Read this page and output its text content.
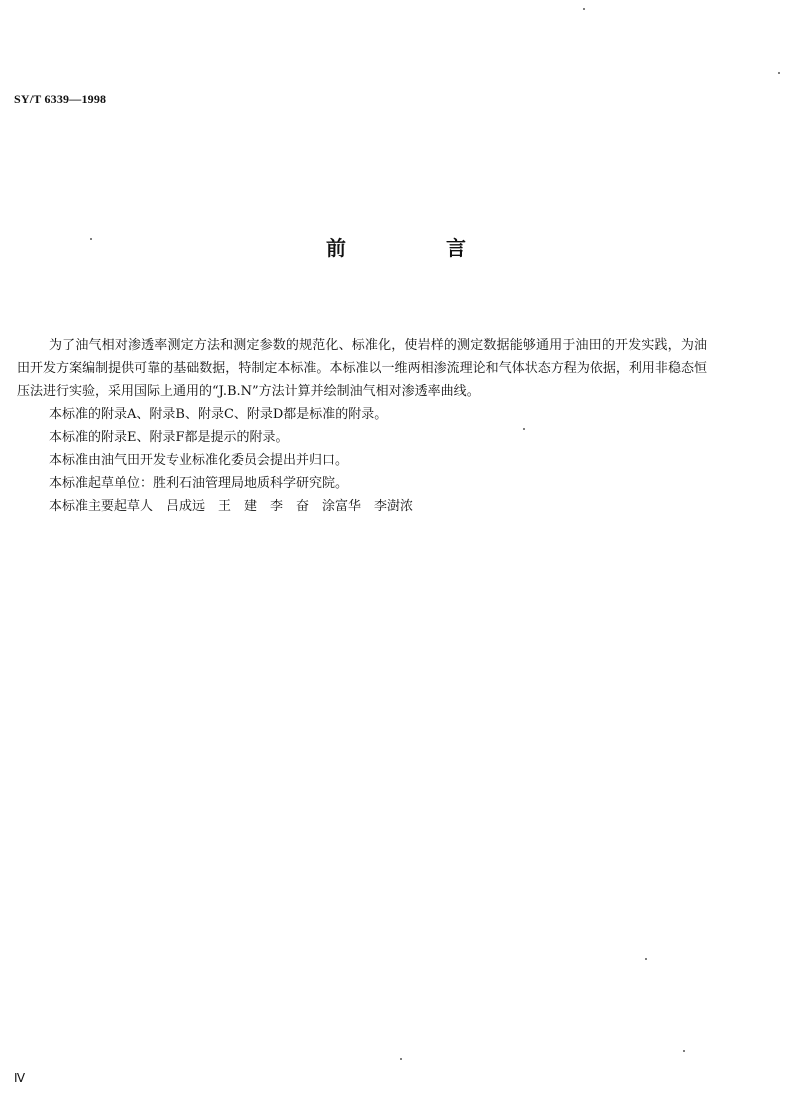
SY/T 6339—1998
前　言

为了油气相对渗透率测定方法和测定参数的规范化、标准化，使岩样的测定数据能够通用于油田的开发实践，为油田开发方案编制提供可靠的基础数据，特制定本标准。本标准以一维两相渗流理论和气体状态方程为依据，利用非稳态恒压法进行实验，采用国际上通用的“J.B.N”方法计算并绘制油气相对渗透率曲线。

本标准的附录A、附录B、附录C、附录D都是标准的附录。

本标准的附录E、附录F都是提示的附录。

本标准由油气田开发专业标准化委员会提出并归口。

本标准起草单位：胜利石油管理局地质科学研究院。

本标准主要起草人　吕成远　王　建　李　奋　涂富华　李澍浓

Ⅳ
